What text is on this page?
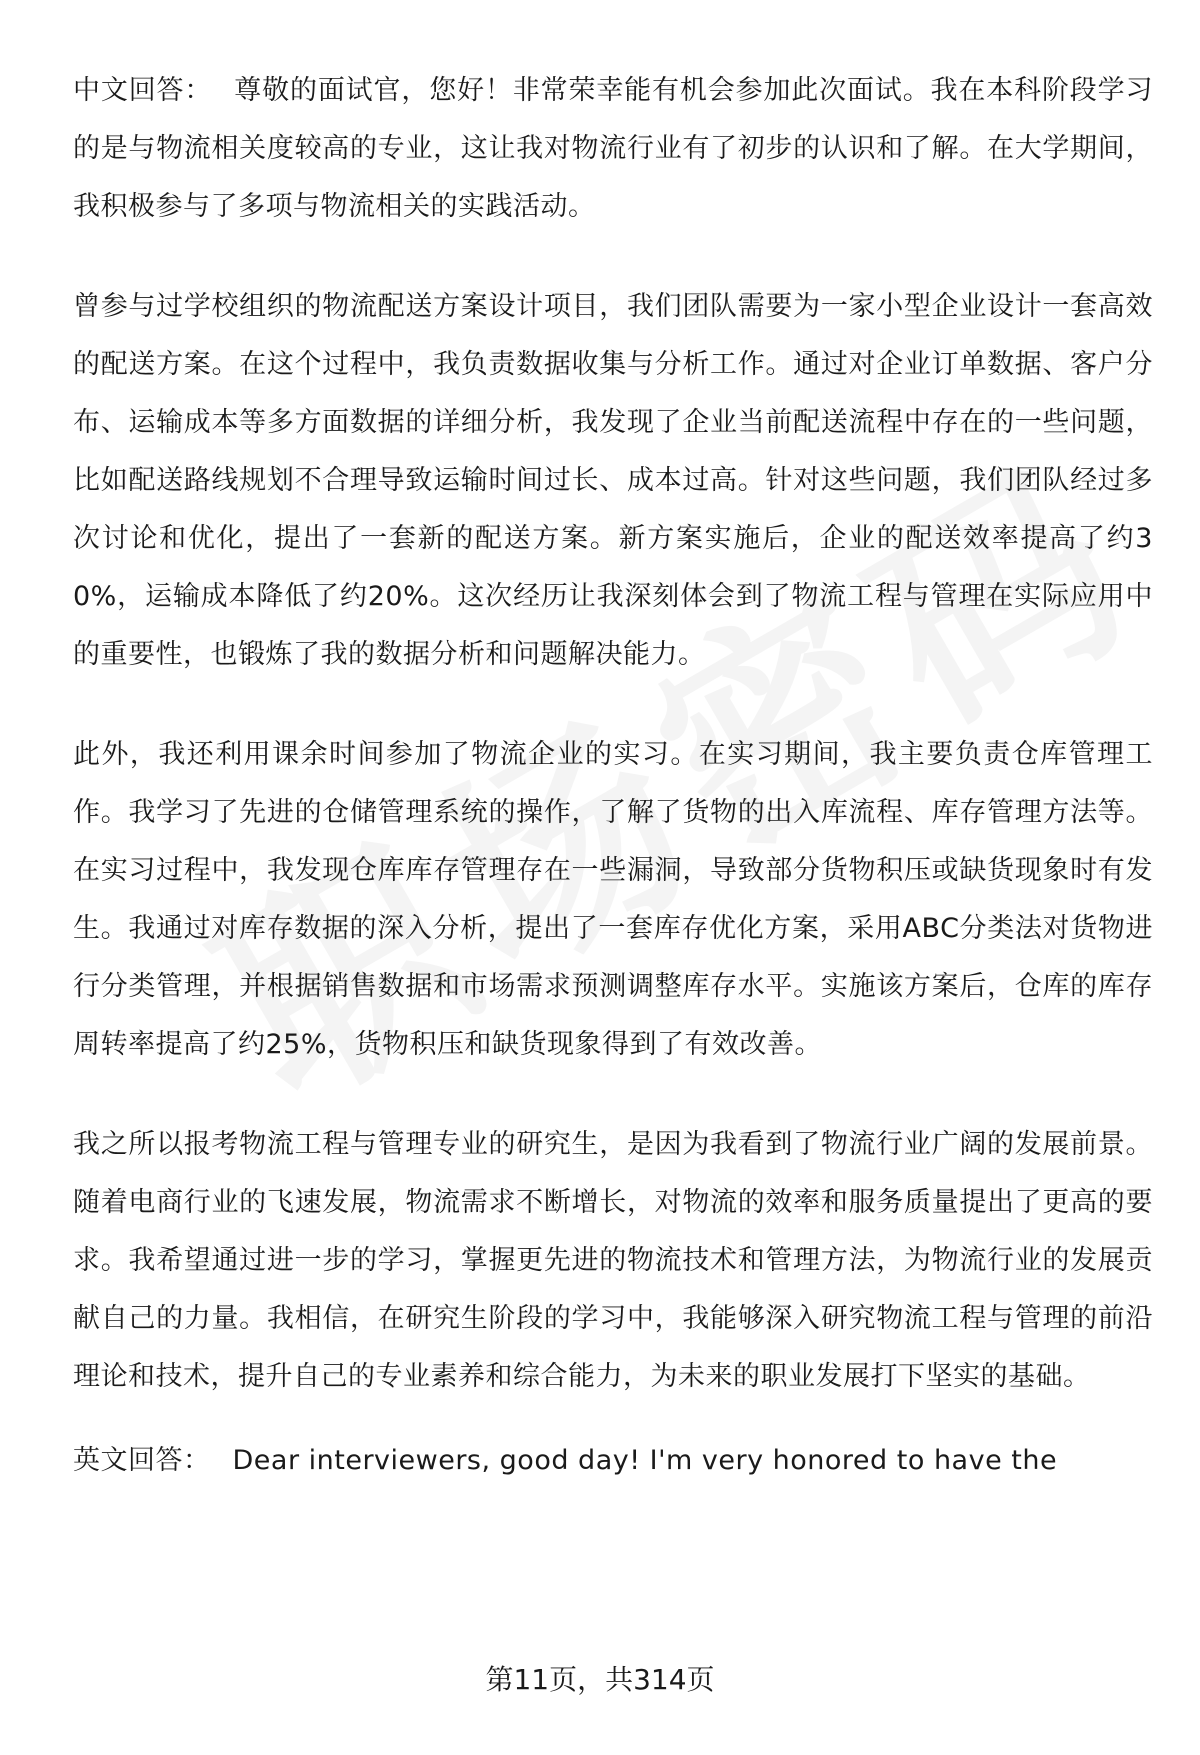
中文回答： 尊敬的面试官，您好！非常荣幸能有机会参加此次面试。我在本科阶段学习的是与物流相关度较高的专业，这让我对物流行业有了初步的认识和了解。在大学期间，我积极参与了多项与物流相关的实践活动。

曾参与过学校组织的物流配送方案设计项目，我们团队需要为一家小型企业设计一套高效的配送方案。在这个过程中，我负责数据收集与分析工作。通过对企业订单数据、客户分布、运输成本等多方面数据的详细分析，我发现了企业当前配送流程中存在的一些问题，比如配送路线规划不合理导致运输时间过长、成本过高。针对这些问题，我们团队经过多次讨论和优化，提出了一套新的配送方案。新方案实施后，企业的配送效率提高了约30%，运输成本降低了约20%。这次经历让我深刻体会到了物流工程与管理在实际应用中的重要性，也锻炼了我的数据分析和问题解决能力。

此外，我还利用课余时间参加了物流企业的实习。在实习期间，我主要负责仓库管理工作。我学习了先进的仓储管理系统的操作，了解了货物的出入库流程、库存管理方法等。在实习过程中，我发现仓库库存管理存在一些漏洞，导致部分货物积压或缺货现象时有发生。我通过对库存数据的深入分析，提出了一套库存优化方案，采用ABC分类法对货物进行分类管理，并根据销售数据和市场需求预测调整库存水平。实施该方案后，仓库的库存周转率提高了约25%，货物积压和缺货现象得到了有效改善。

我之所以报考物流工程与管理专业的研究生，是因为我看到了物流行业广阔的发展前景。随着电商行业的飞速发展，物流需求不断增长，对物流的效率和服务质量提出了更高的要求。我希望通过进一步的学习，掌握更先进的物流技术和管理方法，为物流行业的发展贡献自己的力量。我相信，在研究生阶段的学习中，我能够深入研究物流工程与管理的前沿理论和技术，提升自己的专业素养和综合能力，为未来的职业发展打下坚实的基础。

英文回答： Dear interviewers, good day! I'm very honored to have the

第11页，共314页
